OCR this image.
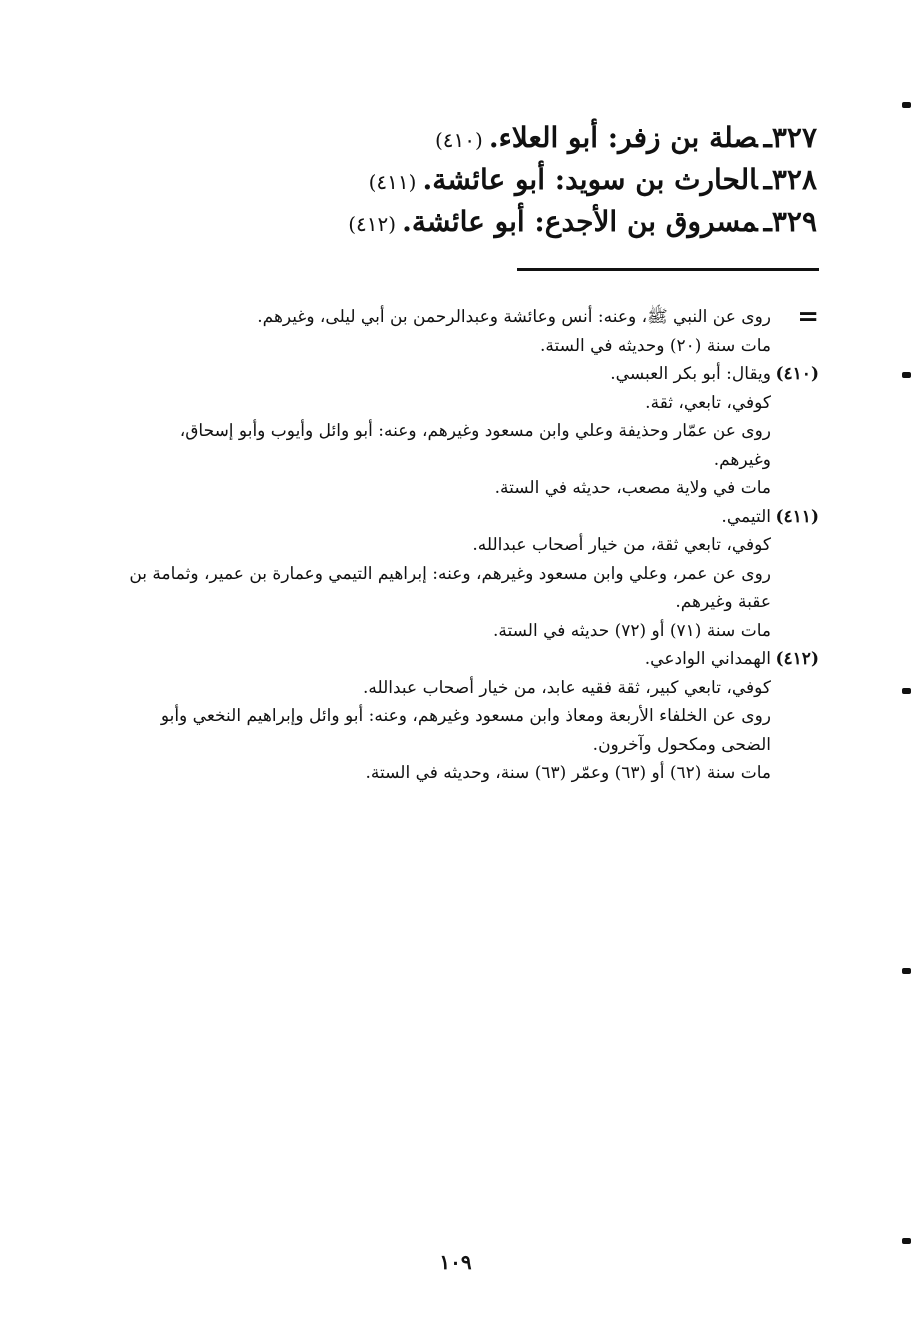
٣٢٧ـصلة بن زفر: أبو العلاء.(٤١٠)
٣٢٨ـالحارث بن سويد: أبو عائشة.(٤١١)
٣٢٩ـمسروق بن الأجدع: أبو عائشة.(٤١٢)
=

روى عن النبي ﷺ، وعنه: أنس وعائشة وعبدالرحمن بن أبي ليلى، وغيرهم.

مات سنة (٢٠) وحديثه في الستة.

(٤١٠)

ويقال: أبو بكر العبسي.

كوفي، تابعي، ثقة.

روى عن عمّار وحذيفة وعلي وابن مسعود وغيرهم، وعنه: أبو وائل وأيوب وأبو إسحاق، وغيرهم.

مات في ولاية مصعب، حديثه في الستة.

(٤١١)

التيمي.

كوفي، تابعي ثقة، من خيار أصحاب عبدالله.

روى عن عمر، وعلي وابن مسعود وغيرهم، وعنه: إبراهيم التيمي وعمارة بن عمير، وثمامة بن عقبة وغيرهم.

مات سنة (٧١) أو (٧٢) حديثه في الستة.

(٤١٢)

الهمداني الوادعي.

كوفي، تابعي كبير، ثقة فقيه عابد، من خيار أصحاب عبدالله.

روى عن الخلفاء الأربعة ومعاذ وابن مسعود وغيرهم، وعنه: أبو وائل وإبراهيم النخعي وأبو الضحى ومكحول وآخرون.

مات سنة (٦٢) أو (٦٣) وعمّر (٦٣) سنة، وحديثه في الستة.

١٠٩
